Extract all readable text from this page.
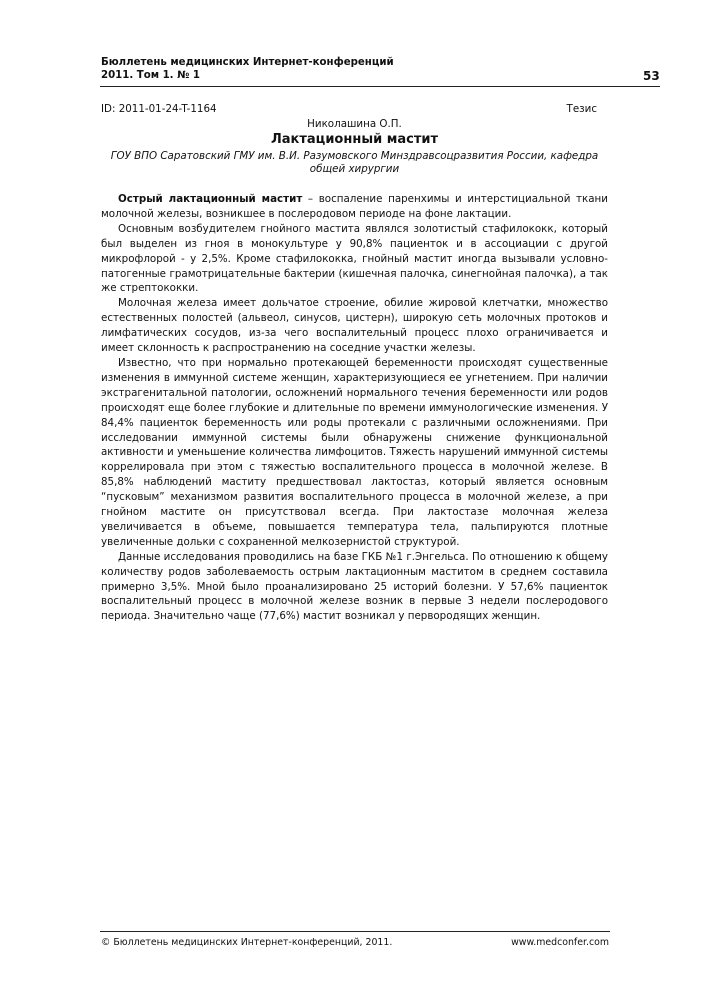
Бюллетень медицинских Интернет-конференций
2011. Том 1. № 1	53
ID: 2011-01-24-T-1164	Тезис
Николашина О.П.
Лактационный мастит
ГОУ ВПО Саратовский ГМУ им. В.И. Разумовского Минздравсоцразвития России, кафедра общей хирургии

Острый лактационный мастит – воспаление паренхимы и интерстициальной ткани молочной железы, возникшее в послеродовом периоде на фоне лактации.

Основным возбудителем гнойного мастита являлся золотистый стафилококк, который был выделен из гноя в монокультуре у 90,8% пациенток и в ассоциации с другой микрофлорой - у 2,5%. Кроме стафилококка, гнойный мастит иногда вызывали условно-патогенные грамотрицательные бактерии (кишечная палочка, синегнойная палочка), а так же стрептококки.

Молочная железа имеет дольчатое строение, обилие жировой клетчатки, множество естественных полостей (альвеол, синусов, цистерн), широкую сеть молочных протоков и лимфатических сосудов, из-за чего воспалительный процесс плохо ограничивается и имеет склонность к распространению на соседние участки железы.

Известно, что при нормально протекающей беременности происходят существенные изменения в иммунной системе женщин, характеризующиеся ее угнетением. При наличии экстрагенитальной патологии, осложнений нормального течения беременности или родов происходят еще более глубокие и длительные по времени иммунологические изменения. У 84,4% пациенток беременность или роды протекали с различными осложнениями. При исследовании иммунной системы были обнаружены снижение функциональной активности и уменьшение количества лимфоцитов. Тяжесть нарушений иммунной системы коррелировала при этом с тяжестью воспалительного процесса в молочной железе. В 85,8% наблюдений маститу предшествовал лактостаз, который является основным “пусковым” механизмом развития воспалительного процесса в молочной железе, а при гнойном мастите он присутствовал всегда. При лактостазе молочная железа увеличивается в объеме, повышается температура тела, пальпируются плотные увеличенные дольки с сохраненной мелкозернистой структурой.

Данные исследования проводились на базе ГКБ №1 г.Энгельса. По отношению к общему количеству родов заболеваемость острым лактационным маститом в среднем составила примерно 3,5%. Мной было проанализировано 25 историй болезни. У 57,6% пациенток воспалительный процесс в молочной железе возник в первые 3 недели послеродового периода. Значительно чаще (77,6%) мастит возникал у первородящих женщин.

© Бюллетень медицинских Интернет-конференций, 2011.	www.medconfer.com
